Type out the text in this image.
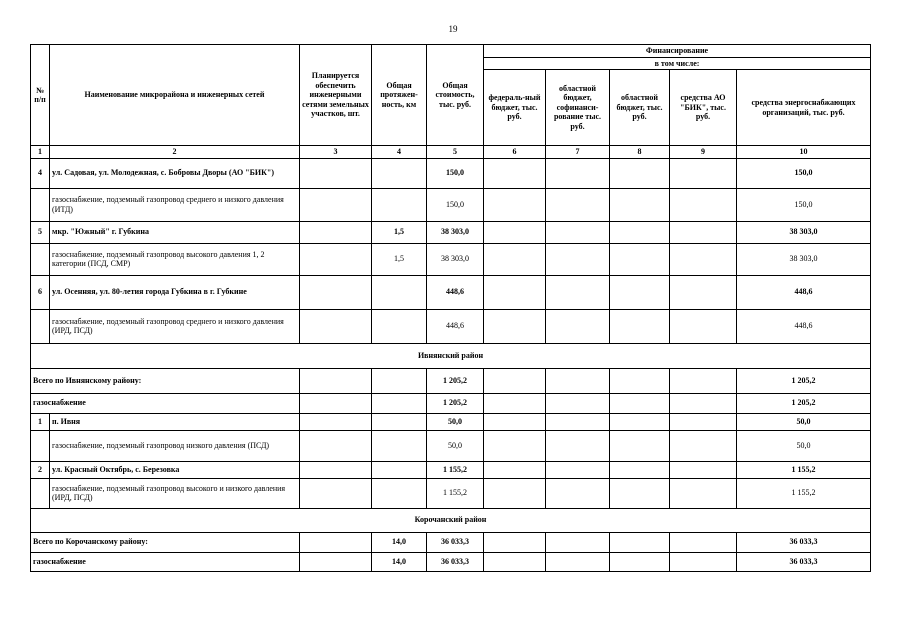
19
№ п/п	Наименование микрорайона и инженерных сетей	Планируется обеспечить инженерными сетями земельных участков, шт.	Общая протяжен-ность, км	Общая стоимость, тыс. руб.	Финансирование				
					в том числе:				
					федераль-ный бюджет, тыс. руб.	областной бюджет, софинанси-рование тыс. руб.	областной бюджет, тыс. руб.	средства АО "БИК", тыс. руб.	средства энергоснабжающих организаций, тыс. руб.
1	2	3	4	5	6	7	8	9	10
4	ул. Садовая, ул. Молодежная, с. Бобровы Дворы (АО "БИК")			150,0					150,0
	газоснабжение, подземный газопровод среднего и низкого давления (ИТД)			150,0					150,0
5	мкр. "Южный" г. Губкина		1,5	38 303,0					38 303,0
	газоснабжение, подземный газопровод высокого давления 1, 2 категории (ПСД, СМР)		1,5	38 303,0					38 303,0
6	ул. Осенняя, ул. 80-летия города Губкина в г. Губкине			448,6					448,6
	газоснабжение, подземный газопровод среднего и низкого давления (ИРД, ПСД)			448,6					448,6
Ивнянский район									
Всего по Ивнянскому району:				1 205,2					1 205,2
газоснабжение				1 205,2					1 205,2
1	п. Ивня			50,0					50,0
	газоснабжение, подземный газопровод низкого давления (ПСД)			50,0					50,0
2	ул. Красный Октябрь, с. Березовка			1 155,2					1 155,2
	газоснабжение, подземный газопровод высокого и низкого давления (ИРД, ПСД)			1 155,2					1 155,2
Корочанский район									
Всего по Корочанскому району:			14,0	36 033,3					36 033,3
газоснабжение			14,0	36 033,3					36 033,3
